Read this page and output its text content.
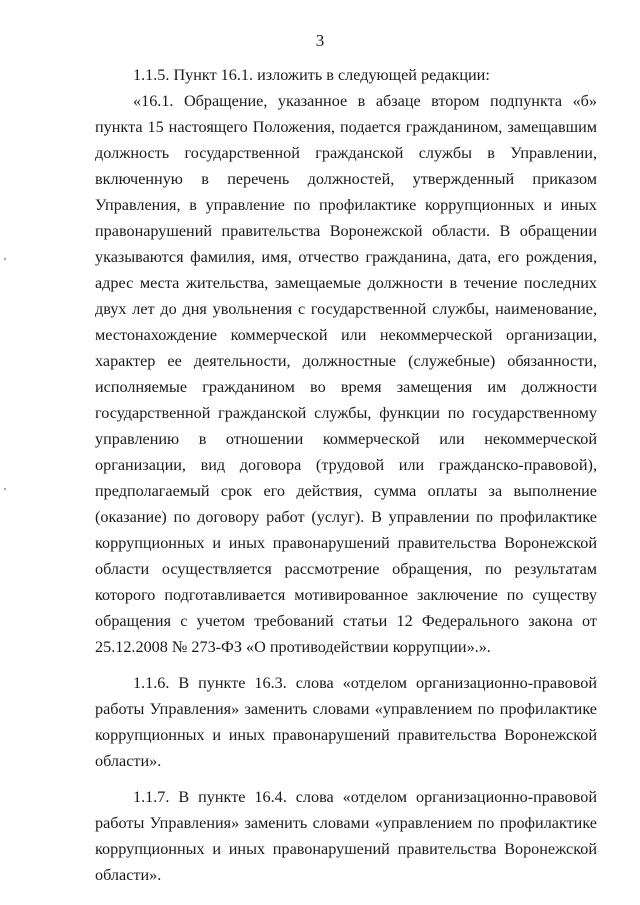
3

1.1.5. Пункт 16.1. изложить в следующей редакции:

«16.1. Обращение, указанное в абзаце втором подпункта «б» пункта 15 настоящего Положения, подается гражданином, замещавшим должность государственной гражданской службы в Управлении, включенную в перечень должностей, утвержденный приказом Управления, в управление по профилактике коррупционных и иных правонарушений правительства Воронежской области. В обращении указываются фамилия, имя, отчество гражданина, дата, его рождения, адрес места жительства, замещаемые должности в течение последних двух лет до дня увольнения с государственной службы, наименование, местонахождение коммерческой или некоммерческой организации, характер ее деятельности, должностные (служебные) обязанности, исполняемые гражданином во время замещения им должности государственной гражданской службы, функции по государственному управлению в отношении коммерческой или некоммерческой организации, вид договора (трудовой или гражданско-правовой), предполагаемый срок его действия, сумма оплаты за выполнение (оказание) по договору работ (услуг). В управлении по профилактике коррупционных и иных правонарушений правительства Воронежской области осуществляется рассмотрение обращения, по результатам которого подготавливается мотивированное заключение по существу обращения с учетом требований статьи 12 Федерального закона от 25.12.2008 № 273-ФЗ «О противодействии коррупции».».

1.1.6. В пункте 16.3. слова «отделом организационно-правовой работы Управления» заменить словами «управлением по профилактике коррупционных и иных правонарушений правительства Воронежской области».

1.1.7. В пункте 16.4. слова «отделом организационно-правовой работы Управления» заменить словами «управлением по профилактике коррупционных и иных правонарушений правительства Воронежской области».
